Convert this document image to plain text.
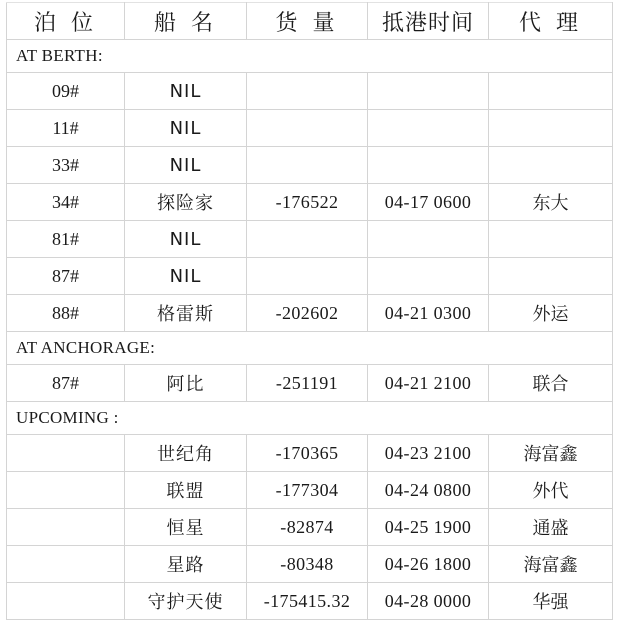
泊 位	船 名	货 量	抵港时间	代 理
AT BERTH:				
09#	NIL			
11#	NIL			
33#	NIL			
34#	探险家	-176522	04-17 0600	东大
81#	NIL			
87#	NIL			
88#	格雷斯	-202602	04-21 0300	外运
AT ANCHORAGE:				
87#	阿比	-251191	04-21 2100	联合
UPCOMING :				
	世纪角	-170365	04-23 2100	海富鑫
	联盟	-177304	04-24 0800	外代
	恒星	-82874	04-25 1900	通盛
	星路	-80348	04-26 1800	海富鑫
	守护天使	-175415.32	04-28 0000	华强
